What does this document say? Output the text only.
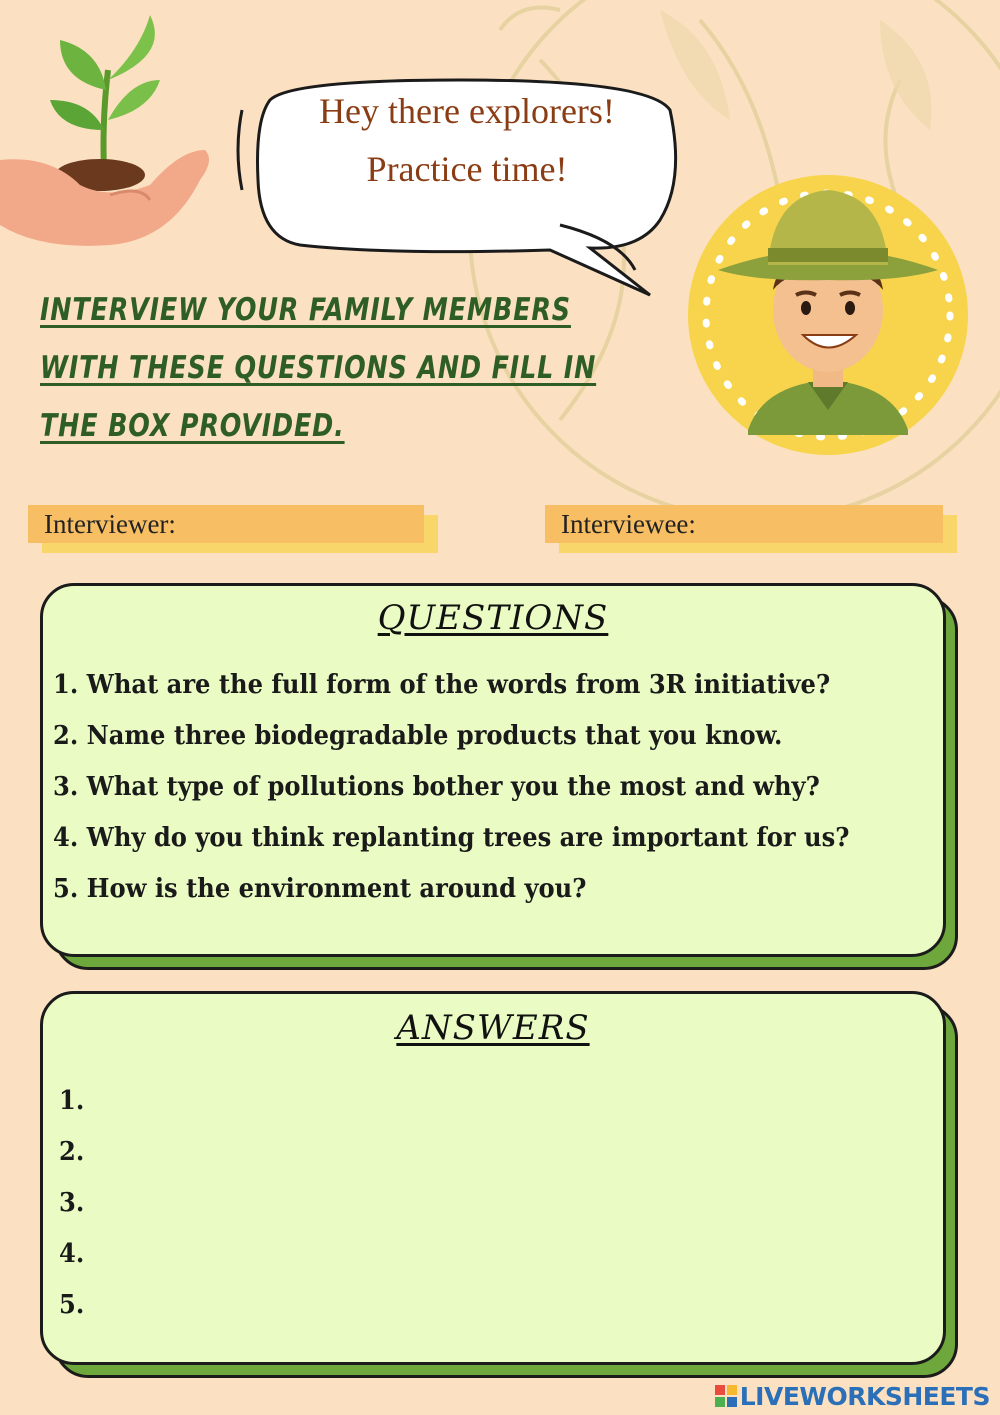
Hey there explorers!
Practice time!
INTERVIEW YOUR FAMILY MEMBERS
WITH THESE QUESTIONS AND FILL IN
THE BOX PROVIDED.
Interviewer:	Interviewee:
QUESTIONS
1. What are the full form of the words from 3R initiative?
2. Name three biodegradable products that you know.
3. What type of pollutions bother you the most and why?
4. Why do you think replanting trees are important for us?
5. How is the environment around you?
ANSWERS
1.
2.
3.
4.
5.
LIVEWORKSHEETS
